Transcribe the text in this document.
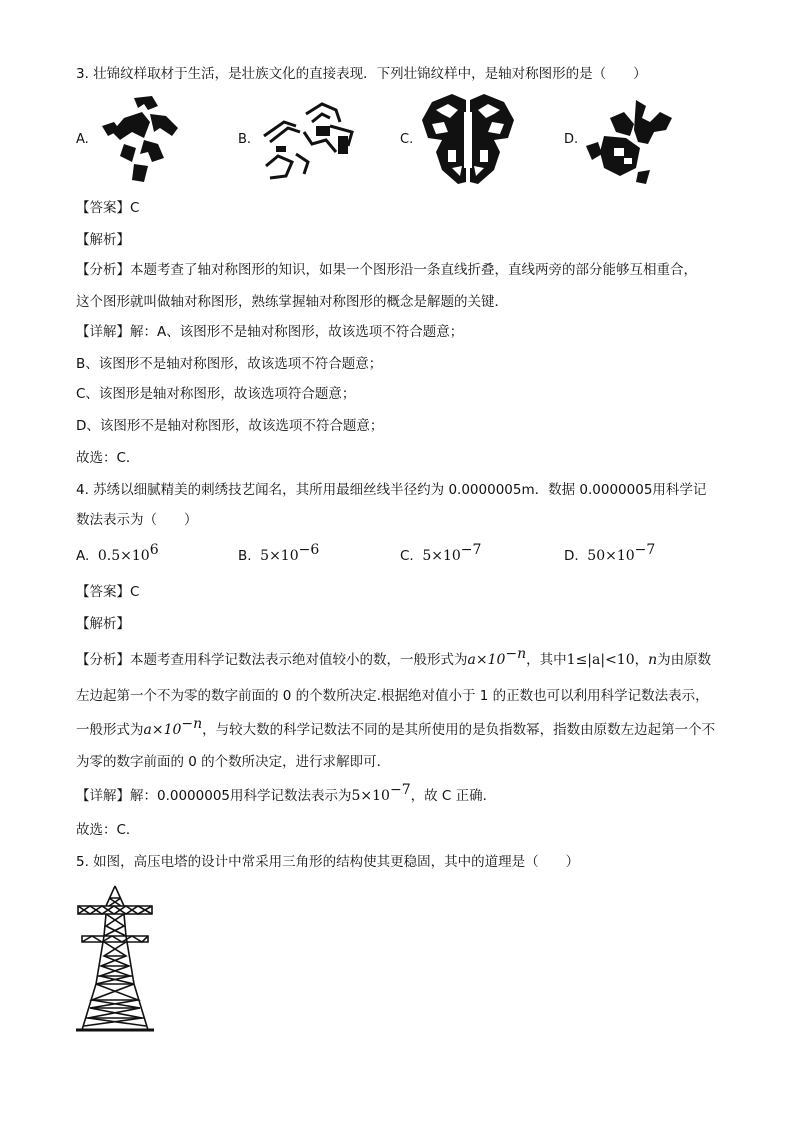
3. 壮锦纹样取材于生活，是壮族文化的直接表现．下列壮锦纹样中，是轴对称图形的是（　　）
A.	B.	C.	D.
【答案】C
【解析】
【分析】本题考查了轴对称图形的知识，如果一个图形沿一条直线折叠，直线两旁的部分能够互相重合，
这个图形就叫做轴对称图形，熟练掌握轴对称图形的概念是解题的关键．
【详解】解：A、该图形不是轴对称图形，故该选项不符合题意；
B、该图形不是轴对称图形，故该选项不符合题意；
C、该图形是轴对称图形，故该选项符合题意；
D、该图形不是轴对称图形，故该选项不符合题意；
故选：C．
4. 苏绣以细腻精美的刺绣技艺闻名，其所用最细丝线半径约为 0.0000005m．数据 0.0000005用科学记
数法表示为（　　）
A. $0.5\times 10^6$	B. $5\times 10^{-6}$	C. $5\times 10^{-7}$	D. $50\times 10^{-7}$
【答案】C
【解析】
【分析】本题考查用科学记数法表示绝对值较小的数，一般形式为$a\times 10^{-n}$，其中1≤|a|<10，n为由原数
左边起第一个不为零的数字前面的 0 的个数所决定.根据绝对值小于 1 的正数也可以利用科学记数法表示，
一般形式为$a\times 10^{-n}$，与较大数的科学记数法不同的是其所使用的是负指数幂，指数由原数左边起第一个不
为零的数字前面的 0 的个数所决定，进行求解即可．
【详解】解：0.0000005用科学记数法表示为$5\times 10^{-7}$，故 C 正确．
故选：C．
5. 如图，高压电塔的设计中常采用三角形的结构使其更稳固，其中的道理是（　　）
